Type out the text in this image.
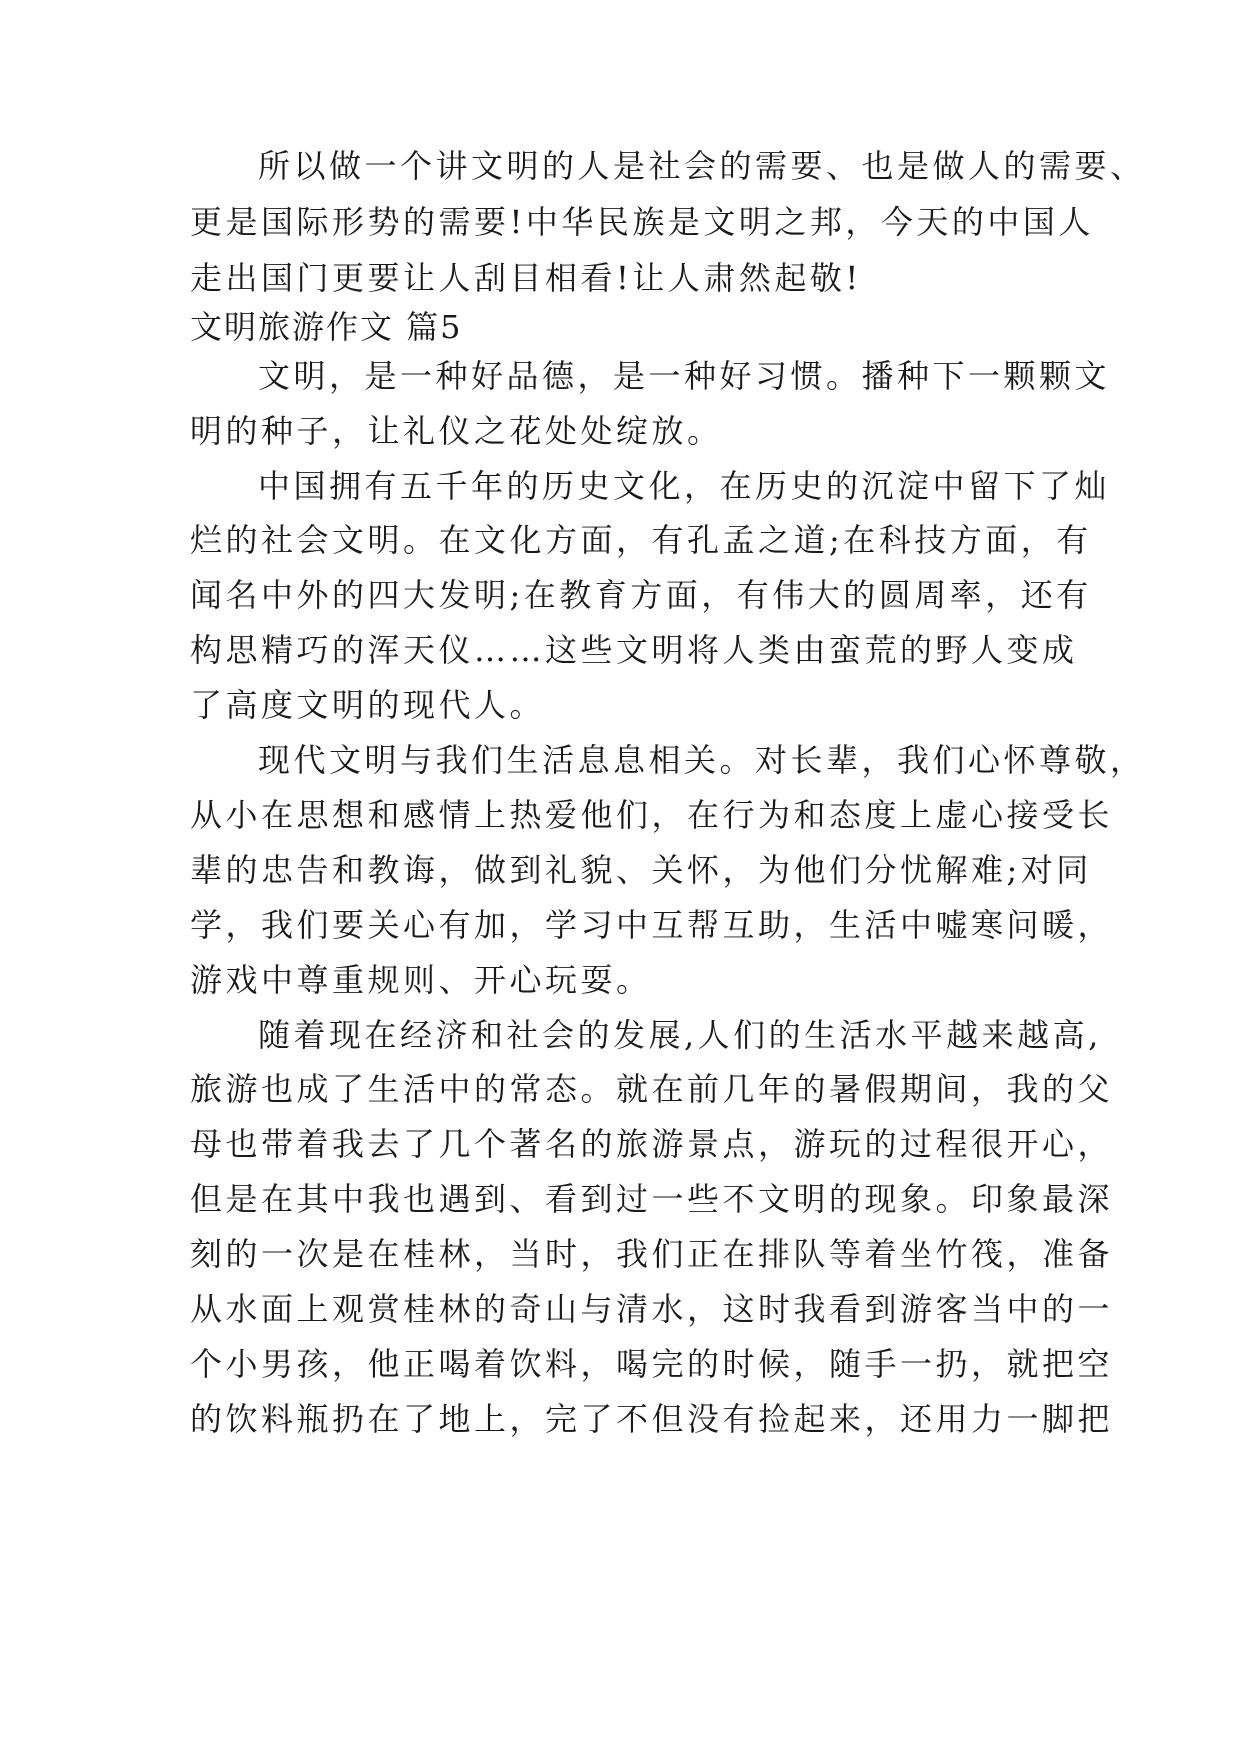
所以做一个讲文明的人是社会的需要、也是做人的需要、
更是国际形势的需要!中华民族是文明之邦，今天的中国人
走出国门更要让人刮目相看!让人肃然起敬!
文明旅游作文 篇5
文明，是一种好品德，是一种好习惯。播种下一颗颗文
明的种子，让礼仪之花处处绽放。
中国拥有五千年的历史文化，在历史的沉淀中留下了灿
烂的社会文明。在文化方面，有孔孟之道;在科技方面，有
闻名中外的四大发明;在教育方面，有伟大的圆周率，还有
构思精巧的浑天仪……这些文明将人类由蛮荒的野人变成
了高度文明的现代人。
现代文明与我们生活息息相关。对长辈，我们心怀尊敬，
从小在思想和感情上热爱他们，在行为和态度上虚心接受长
辈的忠告和教诲，做到礼貌、关怀，为他们分忧解难;对同
学，我们要关心有加，学习中互帮互助，生活中嘘寒问暖，
游戏中尊重规则、开心玩耍。
随着现在经济和社会的发展,人们的生活水平越来越高,
旅游也成了生活中的常态。就在前几年的暑假期间，我的父
母也带着我去了几个著名的旅游景点，游玩的过程很开心，
但是在其中我也遇到、看到过一些不文明的现象。印象最深
刻的一次是在桂林，当时，我们正在排队等着坐竹筏，准备
从水面上观赏桂林的奇山与清水，这时我看到游客当中的一
个小男孩，他正喝着饮料，喝完的时候，随手一扔，就把空
的饮料瓶扔在了地上，完了不但没有捡起来，还用力一脚把
